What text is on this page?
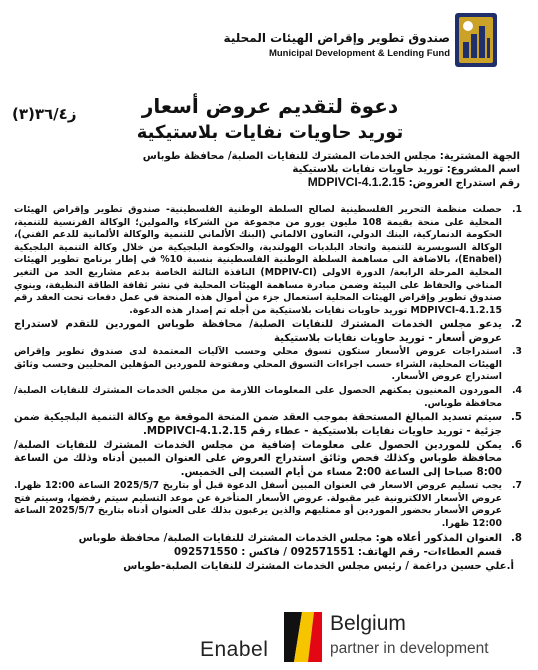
صندوق تطوير وإقراض الهيئات المحلية
Municipal Development & Lending Fund
دعوة لتقديم عروض أسعار
توريد حاويات نفايات بلاستيكية
ز٣٦/٤(٣)
الجهة المشترية: مجلس الخدمات المشترك للنفايات الصلبة/ محافظة طوباس
اسم المشروع: توريد حاويات نفايات بلاستيكية
رقم استدراج العروض: MDPIVCI-4.1.2.15
1.
حصلت منظمة التحرير الفلسطينية لصالح السلطة الوطنية الفلسطينية- صندوق تطوير وإقراض الهيئات المحلية على منحة بقيمة 108 مليون يورو من مجموعة من الشركاء والمولين؛ الوكالة الفرنسية للتنمية، الحكومة الدنماركية، البنك الدولي، التعاون الالماني (البنك الألماني للتنمية والوكالة الألمانية للدعم الفني)، الوكالة السويسرية للتنمية واتحاد البلديات الهولندية، والحكومة البلجيكية من خلال وكالة التنمية البلجيكية (Enabel)، بالاضافة الى مساهمة السلطة الوطنية الفلسطينية بنسبة 10% في إطار برنامج تطوير الهيئات المحلية المرحلة الرابعة/ الدورة الاولى (MDPIV-CI) النافذة الثالثة الخاصة بدعم مشاريع الحد من التغير المناخي والحفاظ على البيئة وضمن مبادرة مساهمة الهيئات المحلية في نشر ثقافة الطاقة النظيفة، وينوي صندوق تطوير وإقراض الهيئات المحلية استعمال جزء من أموال هذه المنحة في عمل دفعات تحت العقد رقم MDPIVCI-4.1.2.15 توريد حاويات نفايات بلاستيكية من أجله تم إصدار هذه الدعوة.
2.
يدعو مجلس الخدمات المشترك للنفايات الصلبة/ محافظة طوباس الموردين للتقدم لاستدراج عروض أسعار - توريد حاويات نفايات بلاستيكية
3.
استدراجات عروض الأسعار ستكون تسوق محلي وحسب الآليات المعتمدة لدى صندوق تطوير وإقراض الهيئات المحلية، الشراء حسب اجراءات التسوق المحلي ومفتوحة للموردين المؤهلين المحليين وحسب وثائق استدراج عروض الأسعار.
4.
الموردون المعنيون يمكنهم الحصول على المعلومات اللازمة من مجلس الخدمات المشترك للنفايات الصلبة/ محافظة طوباس.
5.
سيتم تسديد المبالغ المستحقة بموجب العقد ضمن المنحة الموقعة مع وكالة التنمية البلجيكية ضمن جزئية - توريد حاويات نفايات بلاستيكية - عطاء رقم MDPIVCI-4.1.2.15.
6.
يمكن للموردين الحصول على معلومات إضافية من مجلس الخدمات المشترك للنفايات الصلبة/ محافظة طوباس وكذلك فحص وثائق استدراج العروض على العنوان المبين أدناه وذلك من الساعة 8:00 صباحا إلى الساعة 2:00 مساء من أيام السبت إلى الخميس.
7.
يجب تسليم عروض الاسعار في العنوان المبين أسفل الدعوة قبل أو بتاريخ 2025/5/7 الساعة 12:00 ظهرا. عروض الأسعار الالكترونية غير مقبولة. عروض الأسعار المتأخرة عن موعد التسليم سيتم رفضها، وسيتم فتح عروض الأسعار بحضور الموردين أو ممثليهم والذين يرغبون بذلك على العنوان أدناه بتاريخ 2025/5/7 الساعة 12:00 ظهرا.
8.
العنوان المذكور أعلاه هو: مجلس الخدمات المشترك للنفايات الصلبة/ محافظة طوباس
قسم العطاءات- رقم الهاتف: 092571551 / فاكس : 092571550
أ.علي حسين دراغمة / رئيس مجلس الخدمات المشترك للنفايات الصلبة-طوباس
Enabel
Belgium
partner in development
